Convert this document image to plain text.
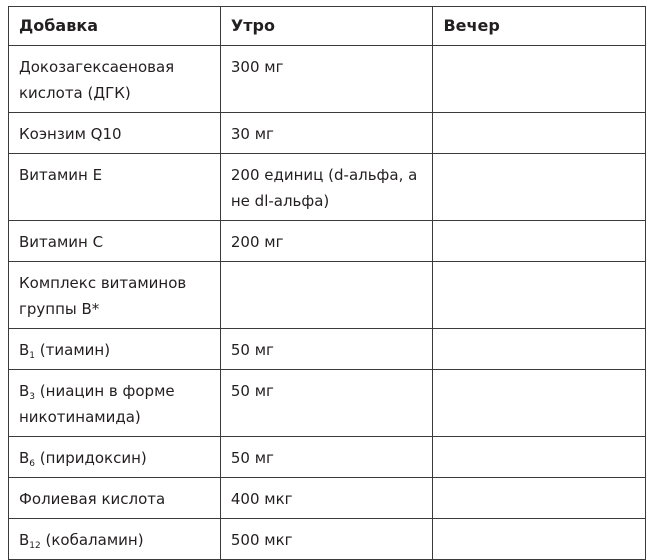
Добавка	Утро	Вечер
Докозагексаеновая кислота (ДГК)	300 мг	
Коэнзим Q10	30 мг	
Витамин E	200 единиц (d-альфа, а не dl-альфа)	
Витамин C	200 мг	
Комплекс витаминов группы B*		
$B_1$ (тиамин)	50 мг	
$B_3$ (ниацин в форме никотинамида)	50 мг	
$B_6$ (пиридоксин)	50 мг	
Фолиевая кислота	400 мкг	
$B_{12}$ (кобаламин)	500 мкг	
